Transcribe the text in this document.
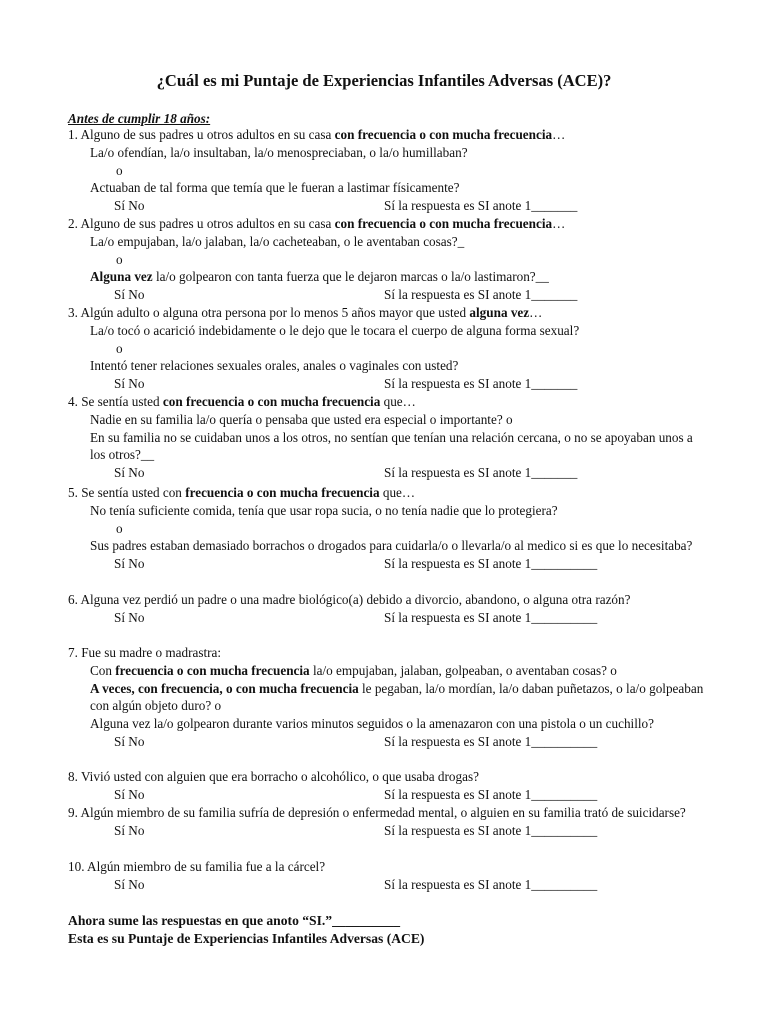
¿Cuál es mi Puntaje de Experiencias Infantiles Adversas (ACE)?
Antes de cumplir 18 años:
1. Alguno de sus padres u otros adultos en su casa con frecuencia o con mucha frecuencia…
La/o ofendían, la/o insultaban, la/o menospreciaban, o la/o humillaban?
o
Actuaban de tal forma que temía que le fueran a lastimar físicamente?
Sí No	Sí la respuesta es SI anote 1_______
2. Alguno de sus padres u otros adultos en su casa con frecuencia o con mucha frecuencia…
La/o empujaban, la/o jalaban, la/o cacheteaban, o le aventaban cosas?_
o
Alguna vez la/o golpearon con tanta fuerza que le dejaron marcas o la/o lastimaron?__
Sí No	Sí la respuesta es SI anote 1_______
3. Algún adulto o alguna otra persona por lo menos 5 años mayor que usted alguna vez…
La/o tocó o acarició indebidamente o le dejo que le tocara el cuerpo de alguna forma sexual?
o
Intentó tener relaciones sexuales orales, anales o vaginales con usted?
Sí No	Sí la respuesta es SI anote 1_______
4. Se sentía usted con frecuencia o con mucha frecuencia que…
Nadie en su familia la/o quería o pensaba que usted era especial o importante? o
En su familia no se cuidaban unos a los otros, no sentían que tenían una relación cercana, o no se apoyaban unos a los otros?__
Sí No	Sí la respuesta es SI anote 1_______
5. Se sentía usted con frecuencia o con mucha frecuencia que…
No tenía suficiente comida, tenía que usar ropa sucia, o no tenía nadie que lo protegiera?
o
Sus padres estaban demasiado borrachos o drogados para cuidarla/o o llevarla/o al medico si es que lo necesitaba?
Sí No	Sí la respuesta es SI anote 1__________
6. Alguna vez perdió un padre o una madre biológico(a) debido a divorcio, abandono, o alguna otra razón?
Sí No	Sí la respuesta es SI anote 1__________
7. Fue su madre o madrastra:
Con frecuencia o con mucha frecuencia la/o empujaban, jalaban, golpeaban, o aventaban cosas? o
A veces, con frecuencia, o con mucha frecuencia le pegaban, la/o mordían, la/o daban puñetazos, o la/o golpeaban con algún objeto duro? o
Alguna vez la/o golpearon durante varios minutos seguidos o la amenazaron con una pistola o un cuchillo?
Sí No	Sí la respuesta es SI anote 1__________
8. Vivió usted con alguien que era borracho o alcohólico, o que usaba drogas?
Sí No	Sí la respuesta es SI anote 1__________
9. Algún miembro de su familia sufría de depresión o enfermedad mental, o alguien en su familia trató de suicidarse?
Sí No	Sí la respuesta es SI anote 1__________
10. Algún miembro de su familia fue a la cárcel?
Sí No	Sí la respuesta es SI anote 1__________
Ahora sume las respuestas en que anoto “SI.”__________
Esta es su Puntaje de Experiencias Infantiles Adversas (ACE)
